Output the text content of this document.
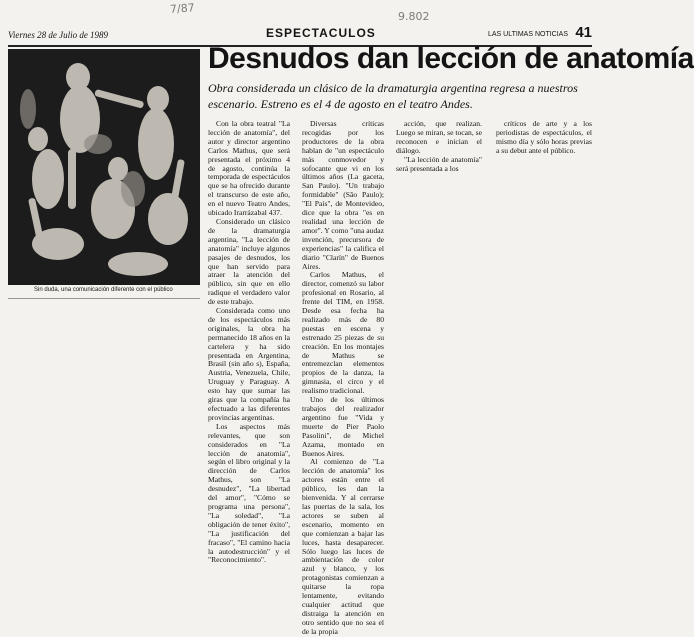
7/87
9.802
Viernes 28 de Julio de 1989	ESPECTACULOS	LAS ULTIMAS NOTICIAS 41
Sin duda, una comunicación diferente con el público
Desnudos dan lección de anatomía
Obra considerada un clásico de la dramaturgia argentina regresa a nuestros escenario. Estreno es el 4 de agosto en el teatro Andes.

Con la obra teatral "La lección de anatomía", del autor y director argentino Carlos Mathus, que será presentada el próximo 4 de agosto, continúa la temporada de espectáculos que se ha ofrecido durante el transcurso de este año, en el nuevo Teatro Andes, ubicado Irarrázabal 437.

Considerado un clásico de la dramaturgia argentina, "La lección de anatomía" incluye algunos pasajes de desnudos, los que han servido para atraer la atención del público, sin que en ello radique el verdadero valor de este trabajo.

Considerada como uno de los espectáculos más originales, la obra ha permanecido 18 años en la cartelera y ha sido presentada en Argentina, Brasil (sin año s), España, Austria, Venezuela, Chile, Uruguay y Paraguay. A esto hay que sumar las giras que la compañía ha efectuado a las diferentes provincias argentinas.

Los aspectos más relevantes, que son considerados en "La lección de anatomía", según el libro original y la dirección de Carlos Mathus, son "La desnudez", "La libertad del amor", "Cómo se programa una persona", "La soledad", "La obligación de tener éxito", "La justificación del fracaso", "El camino hacia la autodestrucción" y el "Reconocimiento".

Diversas críticas recogidas por los productores de la obra hablan de "un espectáculo más conmovedor y sofocante que vi en los últimos años (La gaceta, San Paulo). "Un trabajo formidable" (São Paulo); "El País", de Montevideo, dice que la obra "es en realidad una lección de amor". Y como "una audaz invención, precursora de experiencias" la califica el diario "Clarín" de Buenos Aires.

Carlos Mathus, el director, comenzó su labor profesional en Rosario, al frente del TIM, en 1958. Desde esa fecha ha realizado más de 80 puestas en escena y estrenado 25 piezas de su creación. En los montajes de Mathus se entremezclan elementos propios de la danza, la gimnasia, el circo y el realismo tradicional.

Uno de los últimos trabajos del realizador argentino fue "Vida y muerte de Pier Paolo Pasolini", de Michel Azama, montado en Buenos Aires.

Al comienzo de "La lección de anatomía" los actores están entre el público, les dan la bienvenida. Y al cerrarse las puertas de la sala, los actores se suben al escenario, momento en que comienzan a bajar las luces, hasta desaparecer. Sólo luego las luces de ambientación de color azul y blanco, y los protagonistas comienzan a quitarse la ropa lentamente, evitando cualquier actitud que distraiga la atención en otro sentido que no sea el de la propia

acción, que realizan. Luego se miran, se tocan, se reconocen e inician el diálogo.

"La lección de anatomía" será presentada a los

críticos de arte y a los periodistas de espectáculos, el mismo día y sólo horas previas a su debut ante el público.
